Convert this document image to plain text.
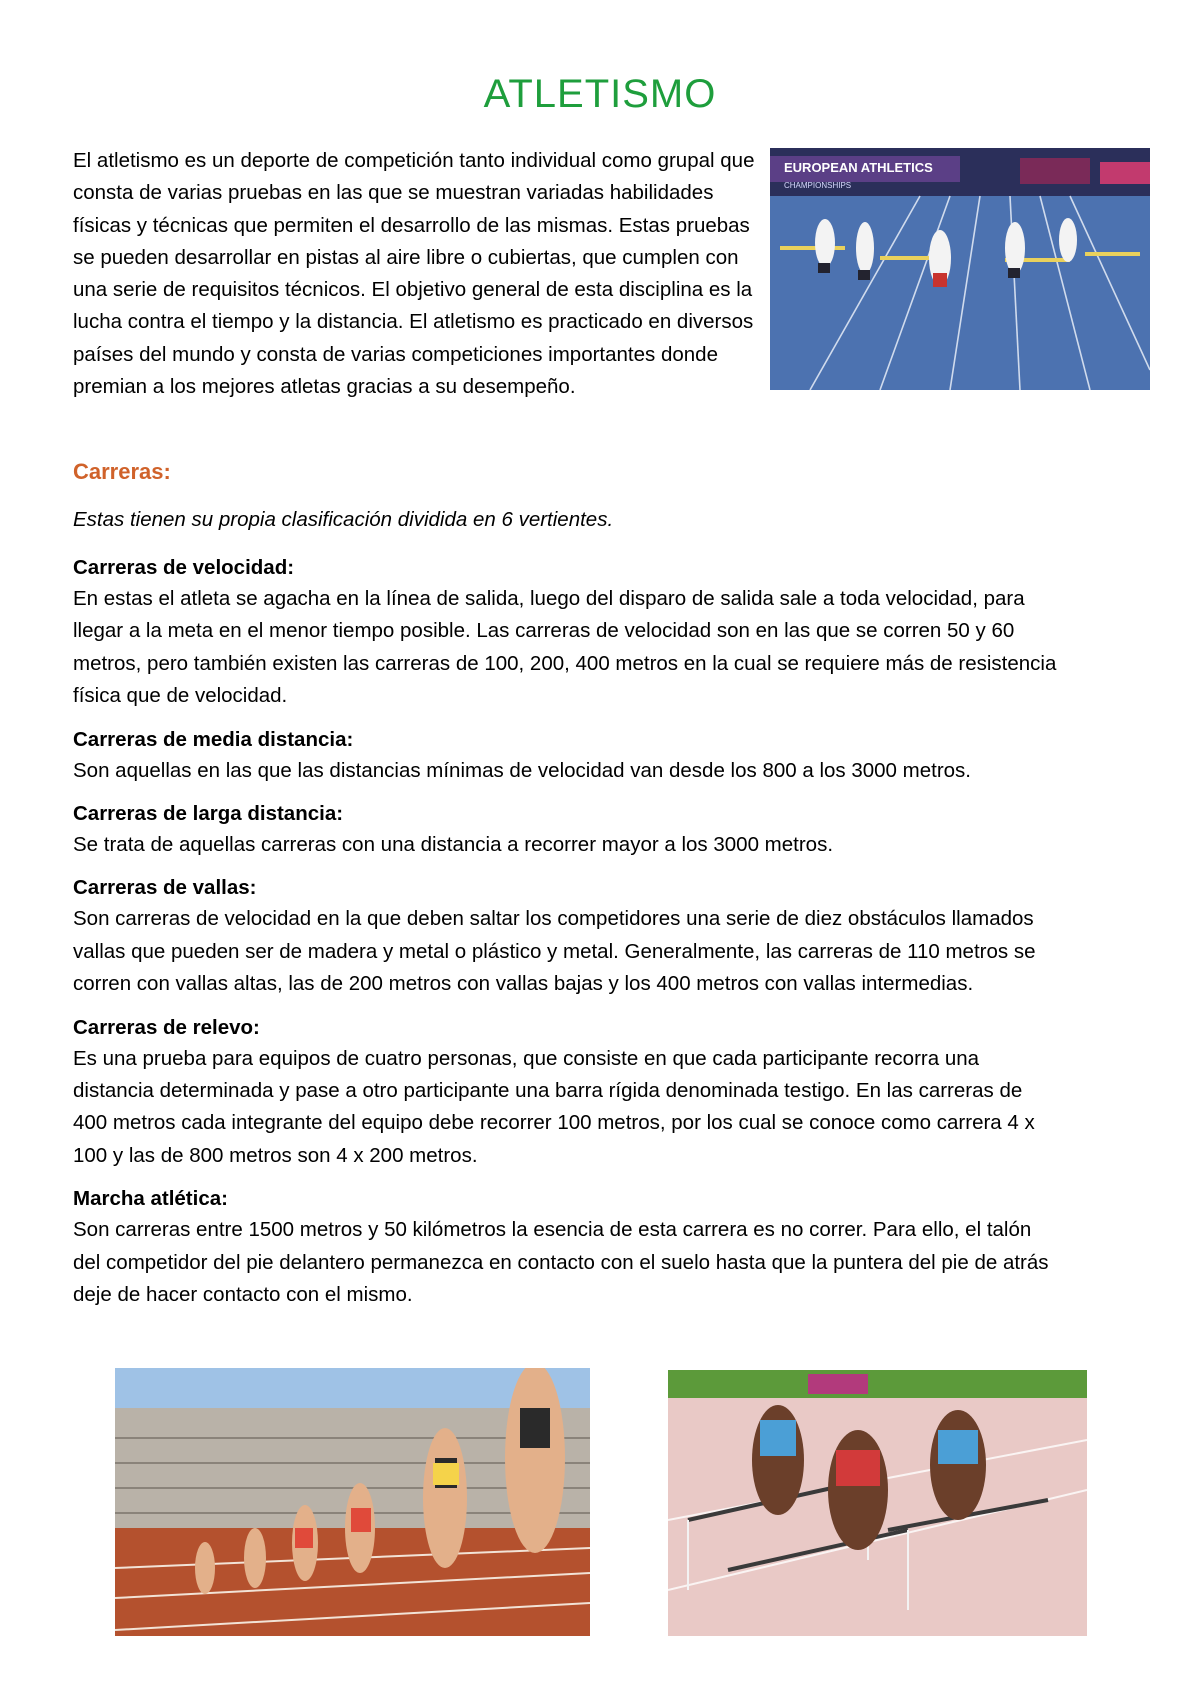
ATLETISMO
El atletismo es un deporte de competición tanto individual como grupal que consta de varias pruebas en las que se muestran variadas habilidades físicas y técnicas que permiten el desarrollo de las mismas. Estas pruebas se pueden desarrollar en pistas al aire libre o cubiertas, que cumplen con una serie de requisitos técnicos. El objetivo general de esta disciplina es la lucha contra el tiempo y la distancia. El atletismo es practicado en diversos países del mundo y consta de varias competiciones importantes donde premian a los mejores atletas gracias a su desempeño.
EUROPEAN ATHLETICS
CHAMPIONSHIPS
Carreras:
Estas tienen su propia clasificación dividida en 6 vertientes.
Carreras de velocidad:
En estas el atleta se agacha en la línea de salida, luego del disparo de salida sale a toda velocidad, para
llegar a la meta en el menor tiempo posible. Las carreras de velocidad son en las que se corren 50 y 60
metros, pero también existen las carreras de 100, 200, 400 metros en la cual se requiere más de resistencia
física que de velocidad.
Carreras de media distancia:
Son aquellas en las que las distancias mínimas de velocidad van desde los 800 a los 3000 metros.
Carreras de larga distancia:
Se trata de aquellas carreras con una distancia a recorrer mayor a los 3000 metros.
Carreras de vallas:
Son carreras de velocidad en la que deben saltar los competidores una serie de diez obstáculos llamados
vallas que pueden ser de madera y metal o plástico y metal. Generalmente, las carreras de 110 metros se
corren con vallas altas, las de 200 metros con vallas bajas y los 400 metros con vallas intermedias.
Carreras de relevo:
Es una prueba para equipos de cuatro personas, que consiste en que cada participante recorra una
distancia determinada y pase a otro participante una barra rígida denominada testigo. En las carreras de
400 metros cada integrante del equipo debe recorrer 100 metros, por los cual se conoce como carrera 4 x
100 y las de 800 metros son 4 x 200 metros.
Marcha atlética:
Son carreras entre 1500 metros y 50 kilómetros la esencia de esta carrera es no correr. Para ello, el talón
del competidor del pie delantero permanezca en contacto con el suelo hasta que la puntera del pie de atrás
deje de hacer contacto con el mismo.
